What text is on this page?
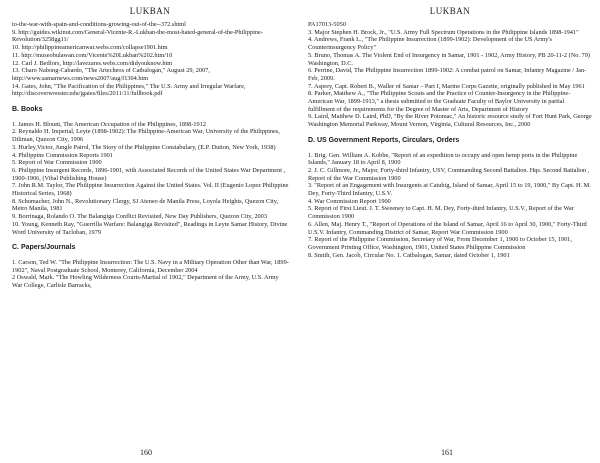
LUKBAN

to-the-war-with-spain-and-conditions-growing-out-of-the--372.shtml

9. http://guides.wikinut.com/General-Vicente-R.-Lukban-the-most-hated-general-of-the-Philippine-Revolution/3258gg11/

10. http://philippineamericanwar.webs.com/collapse1901.htm

11. http://museobulawan.com/Vicente%20Lukban%202.htm/10

12. Carl J. Bedfors, http://lavezares.webs.com/didyouknow.htm

13. Charo Nabong-Cabardo, "The Artecheos of Catbalogan," August 29, 2007, http://www.samarnews.com/news2007/aug/f1304.htm

14. Gates, John, "The Pacification of the Philippines," The U.S. Army and Irregular Warfare, http://discoverwooster.edu/jgates/files/2011/11/fullbook.pdf

B. Books

1. James H. Blount, The American Occupation of the Philippines, 1898-1912

2. Reynaldo H. Imperial, Leyte (1898-1902): The Philippine-American War, University of the Philippines, Diliman, Quezon City, 1996

3. Hurley,Victor, Jungle Patrol, The Story of the Philippine Constabulary, (E.P. Dutton, New York, 1938)

4. Philippine Commission Reports 1901

5. Report of War Commission 1900

6. Philippine Insurgent Records, 1896-1901, with Associated Records of the United States War Department , 1900-1906, (Vibal Publishing House)

7. John R.M. Taylor, The Philippine Insurrection Against the United States. Vol. II (Eugenio Lopez Philippine Historical Series, 1968)

8. Schumacher, John N., Revolutionary Clergy, SJ Ateneo de Manila Press, Loyola Heights, Quezon City, Metro Manila, 1981

9. Borrinaga, Rolando O. The Balangiga Conflict Revisited, New Day Publishers, Quezon City, 2003

10. Young, Kenneth Ray, "Guerrilla Warfare: Balangiga Revisited", Readings in Leyte Samar History, Divine Word University of Tacloban, 1979

C. Papers/Journals

1. Carson, Ted W. "The Philippine Insurrection: The U.S. Navy in a Military Operation Other than War, 1899-1902", Naval Postgraduate School, Monterey, California, December 2004

2 Oswald, Mark. "The Howling Wilderness Courts-Martial of 1902," Department of the Army, U.S. Army War College, Carlisle Barracks,

160
LUKBAN

PA17013-5050

3. Major Stephen H. Brock, Jr., "U.S. Army Full Spectrum Operations in the Philippine Islands 1898-1941"

4. Andrews, Frank L., "The Philippine Insurrection (1899-1902): Development of the US Army's Counterinsurgency Policy"

5. Bruno, Thomas A. The Violent End of Insurgency in Samar, 1901 - 1902, Army History, PB 20-11-2 (No. 79) Washington, D.C.

6. Perrine, David, The Philippine Insurrection 1899-1902: A combat patrol on Samar, Infantry Magazine / Jan-Feb, 2009.

7. Asprey, Capt. Robert B., Waller of Samar – Part I, Marine Corps Gazette, originally published in May 1961

8. Parker, Matthew A., "The Philippine Scouts and the Practice of Counter-Insurgency in the Philippine-American War, 1899-1913," a thesis submitted to the Graduate Faculty of Baylor University in partial fulfillment of the requirements for the Degree of Master of Arts, Department of History

9. Laird, Matthew D. Laird, PhD, "By the River Potomac," An historic resource study of Fort Hunt Park, George Washington Memorial Parkway, Mount Vernon, Virginia, Cultural Resources, Inc., 2000

D. US Government Reports, Circulars, Orders

1. Brig. Gen. William A. Kobbe, "Report of an expedition to occupy and open hemp ports in the Philippine Islands," January 18 to April 8, 1900

2. J. C. Gillmore, Jr., Major, Forty-third Infantry, USV, Commanding Second Battalion. Hqs. Second Battalion , Report of the War Commission 1900

3. "Report of an Engagement with Insurgents at Catubig, Island of Samar, April 15 to 19, 1900," By Capt. H. M. Dey, Forty-Third Infantry, U.S.V.

4. War Commission Report 1900

5. Report of First Lieut. J. T. Sweeney to Capt. H. M. Dey, Forty-third Infantry, U.S.V., Report of the War Commission 1900

6. Allen, Maj. Henry T., "Report of Operations of the Island of Samar, April 16 to April 30, 1900," Forty-Third U.S.V. Infantry, Commanding District of Samar, Report War Commission 1900

7. Report of the Philippine Commission, Secretary of War, From December 1, 1900 to October 15, 1901, Government Printing Office, Washington, 1901, United States Philippine Commission

8. Smith, Gen. Jacob, Circular No. 1. Catbalogan, Samar, dated October 1, 1901

161
